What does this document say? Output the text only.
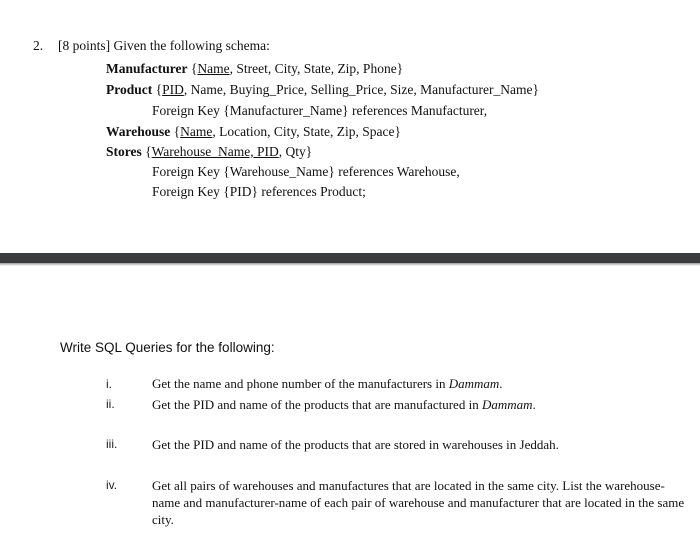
2. [8 points] Given the following schema:
Manufacturer {Name, Street, City, State, Zip, Phone}
Product {PID, Name, Buying_Price, Selling_Price, Size, Manufacturer_Name}
Foreign Key {Manufacturer_Name} references Manufacturer,
Warehouse {Name, Location, City, State, Zip, Space}
Stores {Warehouse_Name, PID, Qty}
Foreign Key {Warehouse_Name} references Warehouse,
Foreign Key {PID} references Product;
Write SQL Queries for the following:
i.	Get the name and phone number of the manufacturers in Dammam.
ii.	Get the PID and name of the products that are manufactured in Dammam.
iii.	Get the PID and name of the products that are stored in warehouses in Jeddah.
iv.	Get all pairs of warehouses and manufactures that are located in the same city. List the warehouse-name and manufacturer-name of each pair of warehouse and manufacturer that are located in the same city.
